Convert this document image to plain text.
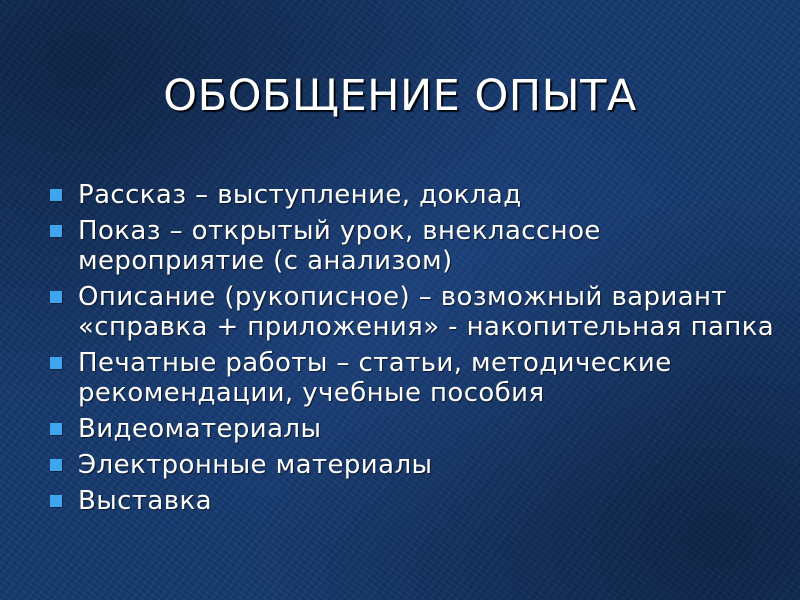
ОБОБЩЕНИЕ ОПЫТА
Рассказ – выступление, доклад
Показ – открытый урок, внеклассное мероприятие (с анализом)
Описание (рукописное) – возможный вариант «справка + приложения» - накопительная папка
Печатные работы – статьи, методические рекомендации, учебные пособия
Видеоматериалы
Электронные материалы
Выставка
